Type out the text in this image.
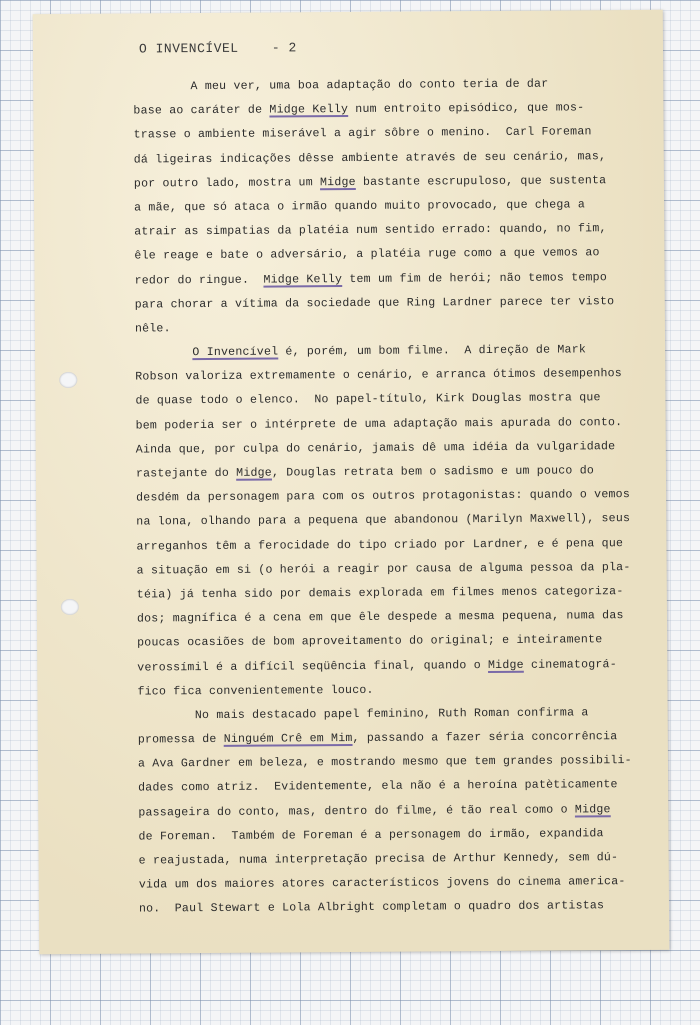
O INVENCÍVEL	- 2
A meu ver, uma boa adaptação do conto teria de dar
base ao caráter de Midge Kelly num entroito episódico, que mos-
trasse o ambiente miserável a agir sôbre o menino.  Carl Foreman
dá ligeiras indicações dêsse ambiente através de seu cenário, mas,
por outro lado, mostra um Midge bastante escrupuloso, que sustenta
a mãe, que só ataca o irmão quando muito provocado, que chega a
atrair as simpatias da platéia num sentido errado: quando, no fim,
êle reage e bate o adversário, a platéia ruge como a que vemos ao
redor do ringue.  Midge Kelly tem um fim de herói; não temos tempo
para chorar a vítima da sociedade que Ring Lardner parece ter visto
nêle.
O Invencível é, porém, um bom filme.  A direção de Mark
Robson valoriza extremamente o cenário, e arranca ótimos desempenhos
de quase todo o elenco.  No papel-título, Kirk Douglas mostra que
bem poderia ser o intérprete de uma adaptação mais apurada do conto.
Ainda que, por culpa do cenário, jamais dê uma idéia da vulgaridade
rastejante do Midge, Douglas retrata bem o sadismo e um pouco do
desdém da personagem para com os outros protagonistas: quando o vemos
na lona, olhando para a pequena que abandonou (Marilyn Maxwell), seus
arreganhos têm a ferocidade do tipo criado por Lardner, e é pena que
a situação em si (o herói a reagir por causa de alguma pessoa da pla-
téia) já tenha sido por demais explorada em filmes menos categoriza-
dos; magnífica é a cena em que êle despede a mesma pequena, numa das
poucas ocasiões de bom aproveitamento do original; e inteiramente
verossímil é a difícil seqüência final, quando o Midge cinematográ-
fico fica convenientemente louco.
No mais destacado papel feminino, Ruth Roman confirma a
promessa de Ninguém Crê em Mim, passando a fazer séria concorrência
a Ava Gardner em beleza, e mostrando mesmo que tem grandes possibili-
dades como atriz.  Evidentemente, ela não é a heroína patèticamente
passageira do conto, mas, dentro do filme, é tão real como o Midge
de Foreman.  Também de Foreman é a personagem do irmão, expandida
e reajustada, numa interpretação precisa de Arthur Kennedy, sem dú-
vida um dos maiores atores característicos jovens do cinema america-
no.  Paul Stewart e Lola Albright completam o quadro dos artistas
